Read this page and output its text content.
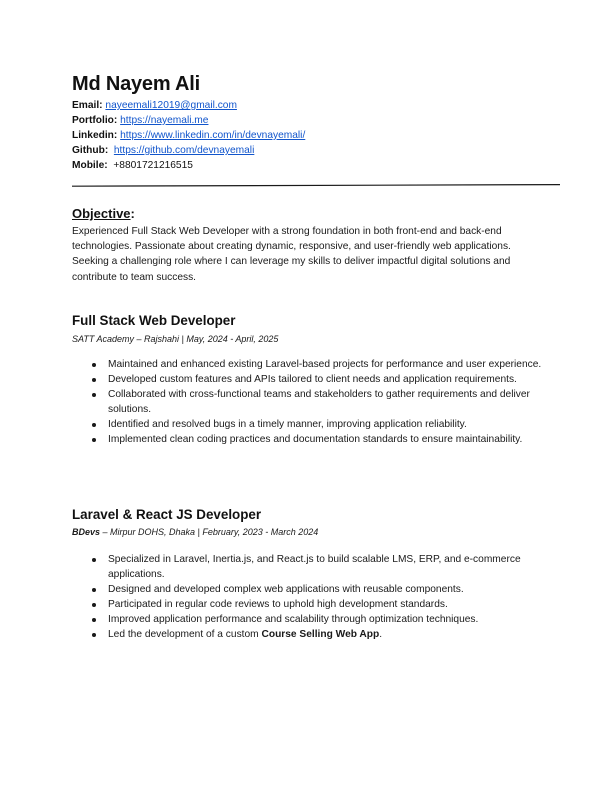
Md Nayem Ali
Email: nayeemali12019@gmail.com
Portfolio: https://nayemali.me
Linkedin: https://www.linkedin.com/in/devnayemali/
Github: https://github.com/devnayemali
Mobile: +8801721216515
Objective:
Experienced Full Stack Web Developer with a strong foundation in both front-end and back-end technologies. Passionate about creating dynamic, responsive, and user-friendly web applications. Seeking a challenging role where I can leverage my skills to deliver impactful digital solutions and contribute to team success.
Full Stack Web Developer
SATT Academy – Rajshahi | May, 2024 - April, 2025
Maintained and enhanced existing Laravel-based projects for performance and user experience.
Developed custom features and APIs tailored to client needs and application requirements.
Collaborated with cross-functional teams and stakeholders to gather requirements and deliver solutions.
Identified and resolved bugs in a timely manner, improving application reliability.
Implemented clean coding practices and documentation standards to ensure maintainability.
Laravel & React JS Developer
BDevs – Mirpur DOHS, Dhaka | February, 2023 - March 2024
Specialized in Laravel, Inertia.js, and React.js to build scalable LMS, ERP, and e-commerce applications.
Designed and developed complex web applications with reusable components.
Participated in regular code reviews to uphold high development standards.
Improved application performance and scalability through optimization techniques.
Led the development of a custom Course Selling Web App.
